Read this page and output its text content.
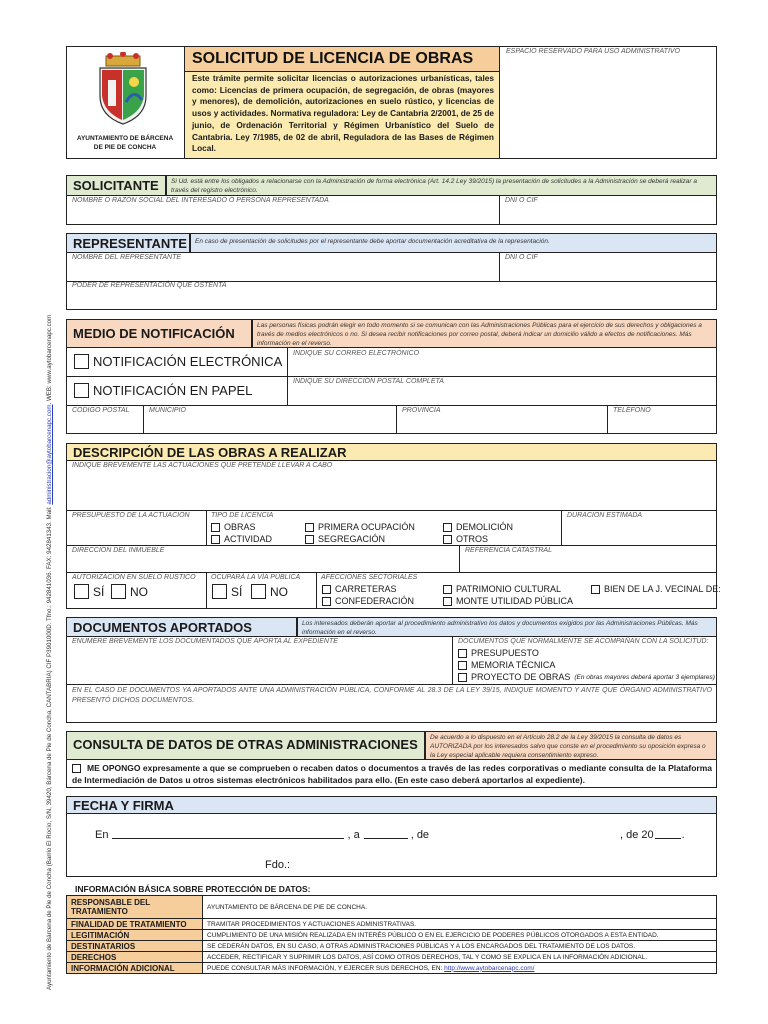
Ayuntamiento de Bárcena de Pie de Concha (Barrio El Rocío, S/N, 39420, Bárcena de Pie de Concha, CANTABRIA) CIF P3901000D. Tfno.: 942841036. FAX: 942841343. Mail: administracion@aytobarcenapc.com. WEB: www.aytobarcenapc.com
AYUNTAMIENTO DE BÁRCENA
DE PIE DE CONCHA
SOLICITUD DE LICENCIA DE OBRAS
Este trámite permite solicitar licencias o autorizaciones urbanísticas, tales como: Licencias de primera ocupación, de segregación, de obras (mayores y menores), de demolición, autorizaciones en suelo rústico, y licencias de usos y actividades. Normativa reguladora: Ley de Cantabria 2/2001, de 25 de junio, de Ordenación Territorial y Régimen Urbanístico del Suelo de Cantabria. Ley 7/1985, de 02 de abril, Reguladora de las Bases de Régimen Local.
ESPACIO RESERVADO PARA USO ADMINISTRATIVO
SOLICITANTE	Si Ud. está entre los obligados a relacionarse con la Administración de forma electrónica (Art. 14.2 Ley 39/2015) la presentación de solicitudes a la Administración se deberá realizar a través del registro electrónico.
NOMBRE O RAZÓN SOCIAL DEL INTERESADO O PERSONA REPRESENTADA	DNI O CIF
REPRESENTANTE	En caso de presentación de solicitudes por el representante debe aportar documentación acreditativa de la representación.
NOMBRE DEL REPRESENTANTE	DNI O CIF
PODER DE REPRESENTACIÓN QUE OSTENTA
MEDIO DE NOTIFICACIÓN
Las personas físicas podrán elegir en todo momento si se comunican con las Administraciones Públicas para el ejercicio de sus derechos y obligaciones a través de medios electrónicos o no. Si desea recibir notificaciones por correo postal, deberá indicar un domicilio válido a efectos de notificaciones. Más información en el reverso.
NOTIFICACIÓN ELECTRÓNICA
INDIQUE SU CORREO ELECTRÓNICO
NOTIFICACIÓN EN PAPEL
INDIQUE SU DIRECCIÓN POSTAL COMPLETA
CÓDIGO POSTAL	MUNICIPIO	PROVINCIA	TELÉFONO
DESCRIPCIÓN DE LAS OBRAS A REALIZAR
INDIQUE BREVEMENTE LAS ACTUACIONES QUE PRETENDE LLEVAR A CABO
PRESUPUESTO DE LA ACTUACIÓN	TIPO DE LICENCIA	DURACIÓN ESTIMADA
OBRAS
ACTIVIDAD
PRIMERA OCUPACIÓN
SEGREGACIÓN
DEMOLICIÓN
OTROS
DIRECCIÓN DEL INMUEBLE	REFERENCIA CATASTRAL
AUTORIZACIÓN EN SUELO RÚSTICO OCUPARÁ LA VÍA PÚBLICA	AFECCIONES SECTORIALES
SÍ NO	SÍ NO	CARRETERAS
CONFEDERACIÓN
PATRIMONIO CULTURAL
MONTE UTILIDAD PÚBLICA
BIEN DE LA J. VECINAL DE:
DOCUMENTOS APORTADOS	Los interesados deberán aportar al procedimiento administrativo los datos y documentos exigidos por las Administraciones Públicas. Más información en el reverso.
ENUMERE BREVEMENTE LOS DOCUMENTADOS QUE APORTA AL EXPEDIENTE	DOCUMENTOS QUE NORMALMENTE SE ACOMPAÑAN CON LA SOLICITUD:
PRESUPUESTO
MEMORIA TÉCNICA
PROYECTO DE OBRAS (En obras mayores deberá aportar 3 ejemplares)
EN EL CASO DE DOCUMENTOS YA APORTADOS ANTE UNA ADMINISTRACIÓN PÚBLICA, CONFORME AL 28.3 DE LA LEY 39/15, INDIQUE MOMENTO Y ANTE QUE ÓRGANO ADMINISTRATIVO PRESENTÓ DICHOS DOCUMENTOS.
CONSULTA DE DATOS DE OTRAS ADMINISTRACIONES	De acuerdo a lo dispuesto en el Artículo 28.2 de la Ley 39/2015 la consulta de datos es AUTORIZADA por los interesados salvo que conste en el procedimiento su oposición expresa o la Ley especial aplicable requiera consentimiento expreso.
ME OPONGO expresamente a que se comprueben o recaben datos o documentos a través de las redes corporativas o mediante consulta de la Plataforma de Intermediación de Datos u otros sistemas electrónicos habilitados para ello. (En este caso deberá aportarlos al expediente).
FECHA Y FIRMA
En	, a	, de	, de 20	.
Fdo.:
INFORMACIÓN BÁSICA SOBRE PROTECCIÓN DE DATOS:
RESPONSABLE DEL TRATAMIENTO	AYUNTAMIENTO DE BÁRCENA DE PIE DE CONCHA.
FINALIDAD DE TRATAMIENTO	TRAMITAR PROCEDIMIENTOS Y ACTUACIONES ADMINISTRATIVAS.
LEGITIMACIÓN	CUMPLIMIENTO DE UNA MISIÓN REALIZADA EN INTERÉS PÚBLICO O EN EL EJERCICIO DE PODERES PÚBLICOS OTORGADOS A ESTA ENTIDAD.
DESTINATARIOS	SE CEDERÁN DATOS, EN SU CASO, A OTRAS ADMINISTRACIONES PÚBLICAS Y A LOS ENCARGADOS DEL TRATAMIENTO DE LOS DATOS.
DERECHOS	ACCEDER, RECTIFICAR Y SUPRIMIR LOS DATOS, ASÍ COMO OTROS DERECHOS, TAL Y COMO SE EXPLICA EN LA INFORMACIÓN ADICIONAL.
INFORMACIÓN ADICIONAL	PUEDE CONSULTAR MÁS INFORMACIÓN, Y EJERCER SUS DERECHOS, EN: http://www.aytobarcenapc.com/
